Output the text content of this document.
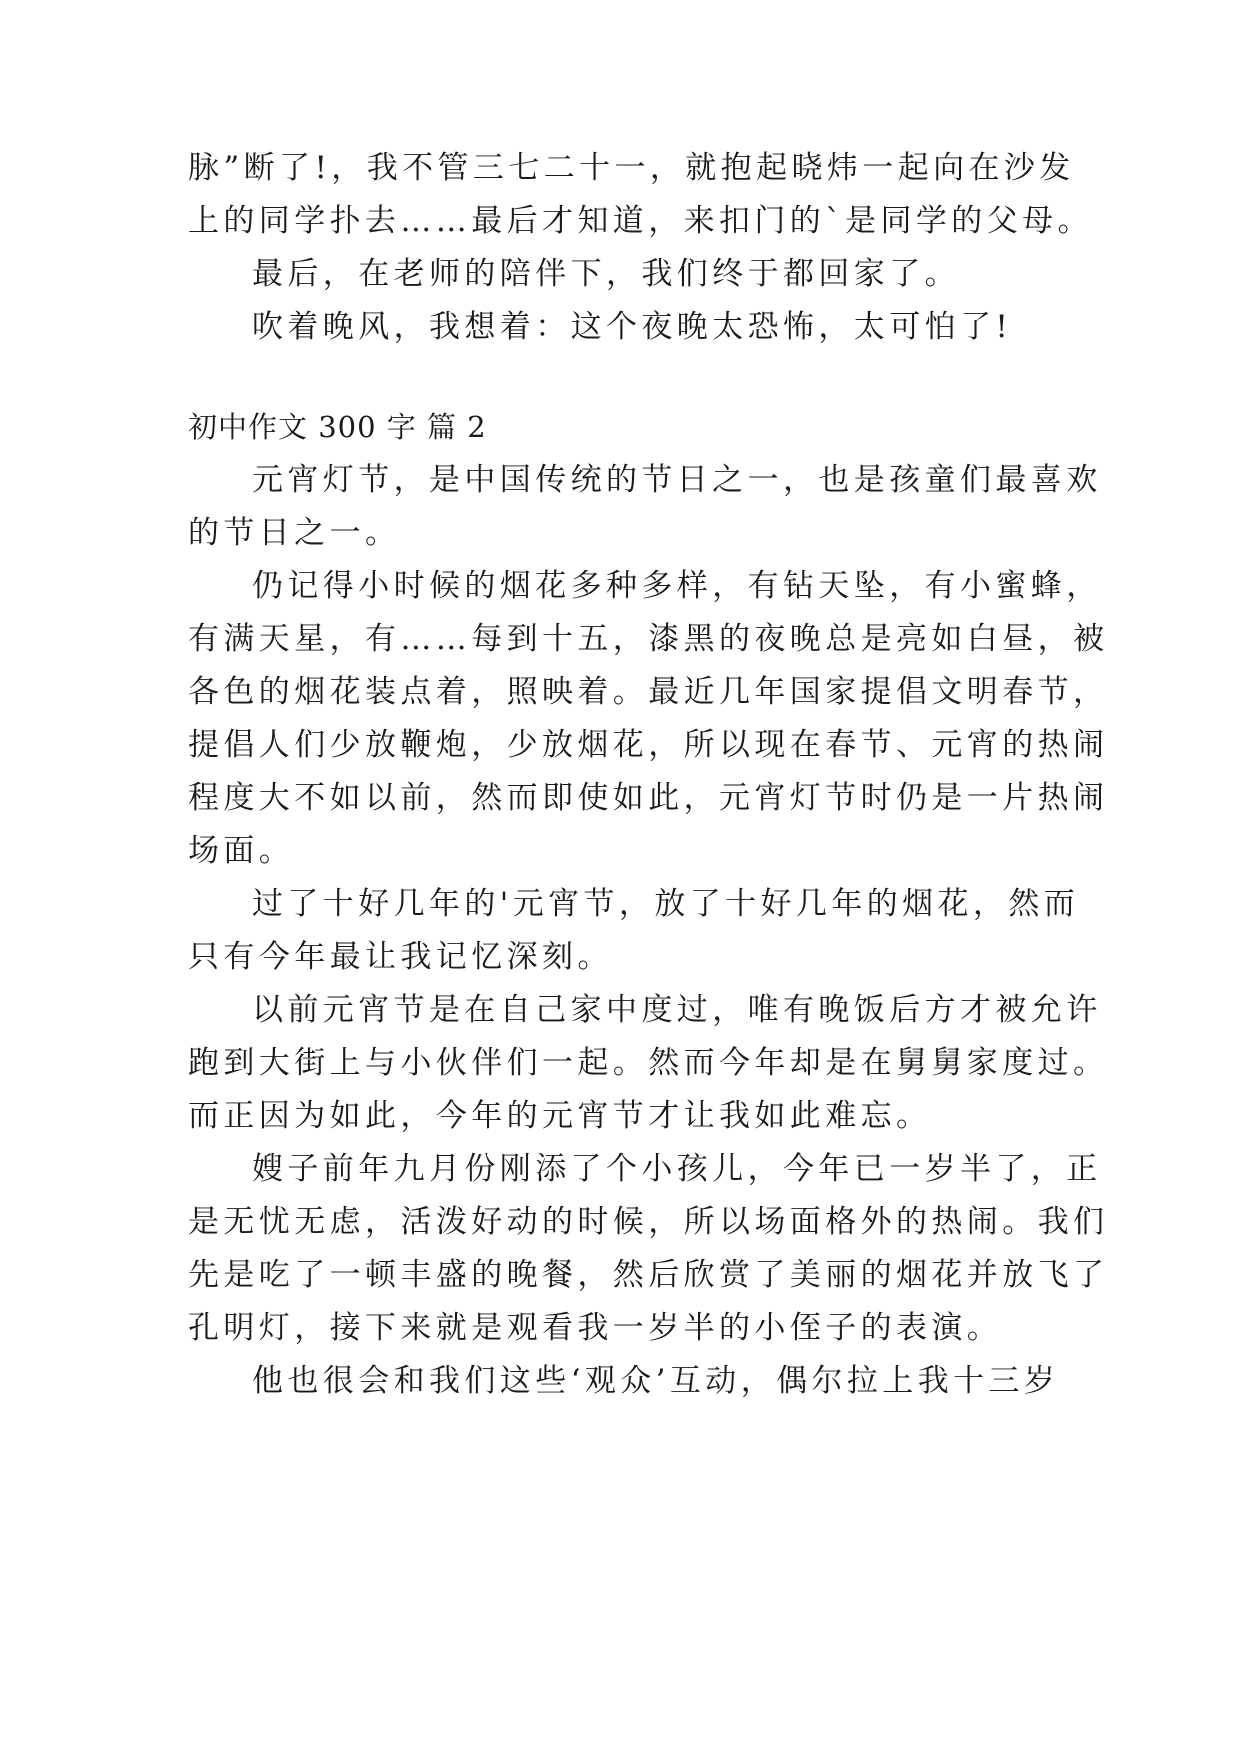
脉”断了!，我不管三七二十一，就抱起晓炜一起向在沙发
上的同学扑去……最后才知道，来扣门的`是同学的父母。
最后，在老师的陪伴下，我们终于都回家了。
吹着晚风，我想着：这个夜晚太恐怖，太可怕了!
初中作文 300 字 篇 2
元宵灯节，是中国传统的节日之一，也是孩童们最喜欢
的节日之一。
仍记得小时候的烟花多种多样，有钻天坠，有小蜜蜂，
有满天星，有……每到十五，漆黑的夜晚总是亮如白昼，被
各色的烟花装点着，照映着。最近几年国家提倡文明春节，
提倡人们少放鞭炮，少放烟花，所以现在春节、元宵的热闹
程度大不如以前，然而即使如此，元宵灯节时仍是一片热闹
场面。
过了十好几年的'元宵节，放了十好几年的烟花，然而
只有今年最让我记忆深刻。
以前元宵节是在自己家中度过，唯有晚饭后方才被允许
跑到大街上与小伙伴们一起。然而今年却是在舅舅家度过。
而正因为如此，今年的元宵节才让我如此难忘。
嫂子前年九月份刚添了个小孩儿，今年已一岁半了，正
是无忧无虑，活泼好动的时候，所以场面格外的热闹。我们
先是吃了一顿丰盛的晚餐，然后欣赏了美丽的烟花并放飞了
孔明灯，接下来就是观看我一岁半的小侄子的表演。
他也很会和我们这些‘观众’互动，偶尔拉上我十三岁
